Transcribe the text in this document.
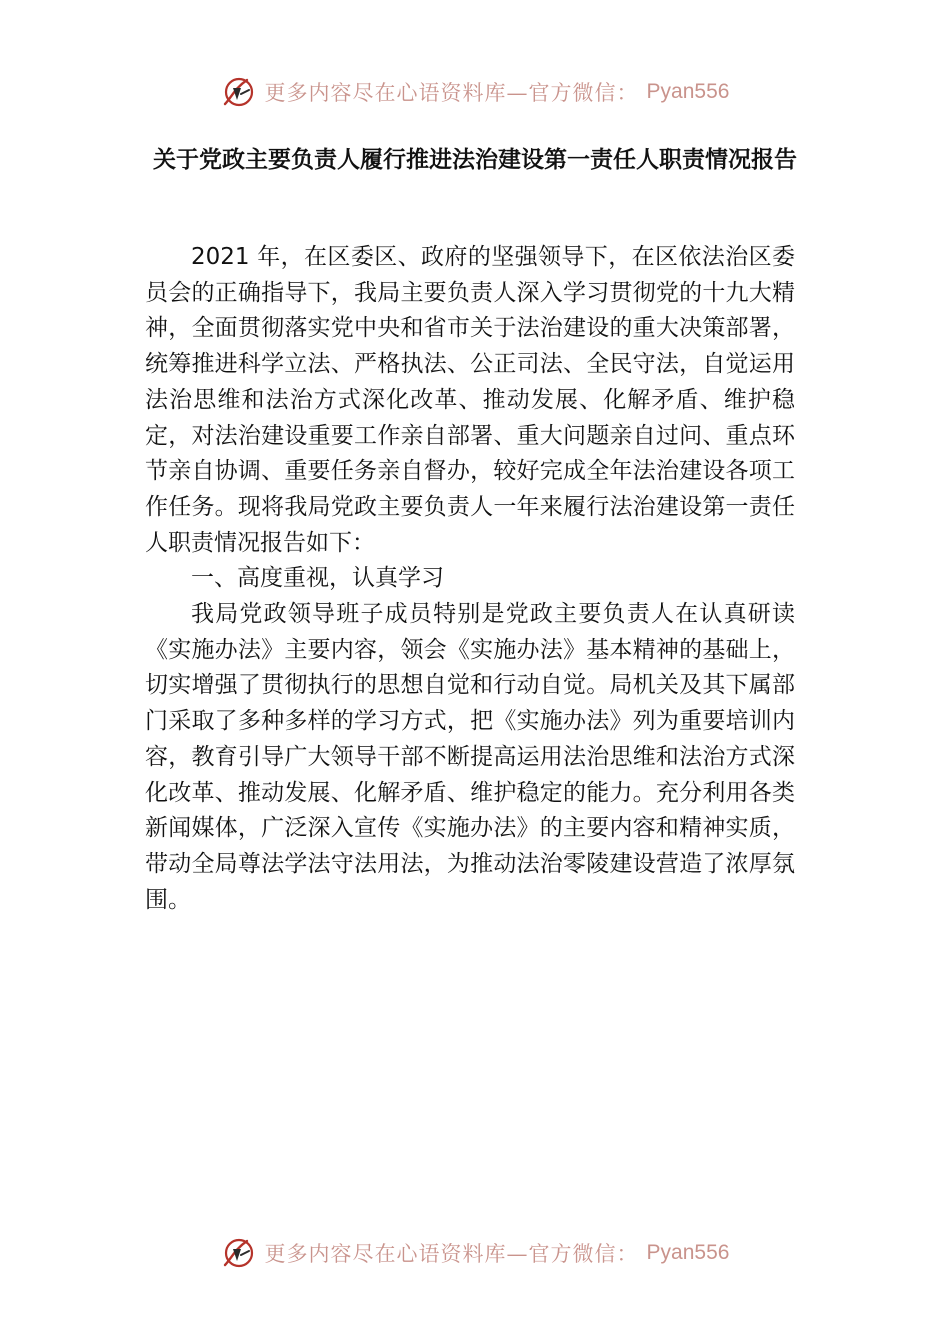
更多内容尽在心语资料库—官方微信： Pyan556
关于党政主要负责人履行推进法治建设第一责任人职责情况报告

2021 年，在区委区、政府的坚强领导下，在区依法治区委员会的正确指导下，我局主要负责人深入学习贯彻党的十九大精神，全面贯彻落实党中央和省市关于法治建设的重大决策部署，统筹推进科学立法、严格执法、公正司法、全民守法，自觉运用法治思维和法治方式深化改革、推动发展、化解矛盾、维护稳定，对法治建设重要工作亲自部署、重大问题亲自过问、重点环节亲自协调、重要任务亲自督办，较好完成全年法治建设各项工作任务。现将我局党政主要负责人一年来履行法治建设第一责任人职责情况报告如下：

一、高度重视，认真学习

我局党政领导班子成员特别是党政主要负责人在认真研读《实施办法》主要内容，领会《实施办法》基本精神的基础上，切实增强了贯彻执行的思想自觉和行动自觉。局机关及其下属部门采取了多种多样的学习方式，把《实施办法》列为重要培训内容，教育引导广大领导干部不断提高运用法治思维和法治方式深化改革、推动发展、化解矛盾、维护稳定的能力。充分利用各类新闻媒体，广泛深入宣传《实施办法》的主要内容和精神实质，带动全局尊法学法守法用法，为推动法治零陵建设营造了浓厚氛围。

更多内容尽在心语资料库—官方微信： Pyan556
